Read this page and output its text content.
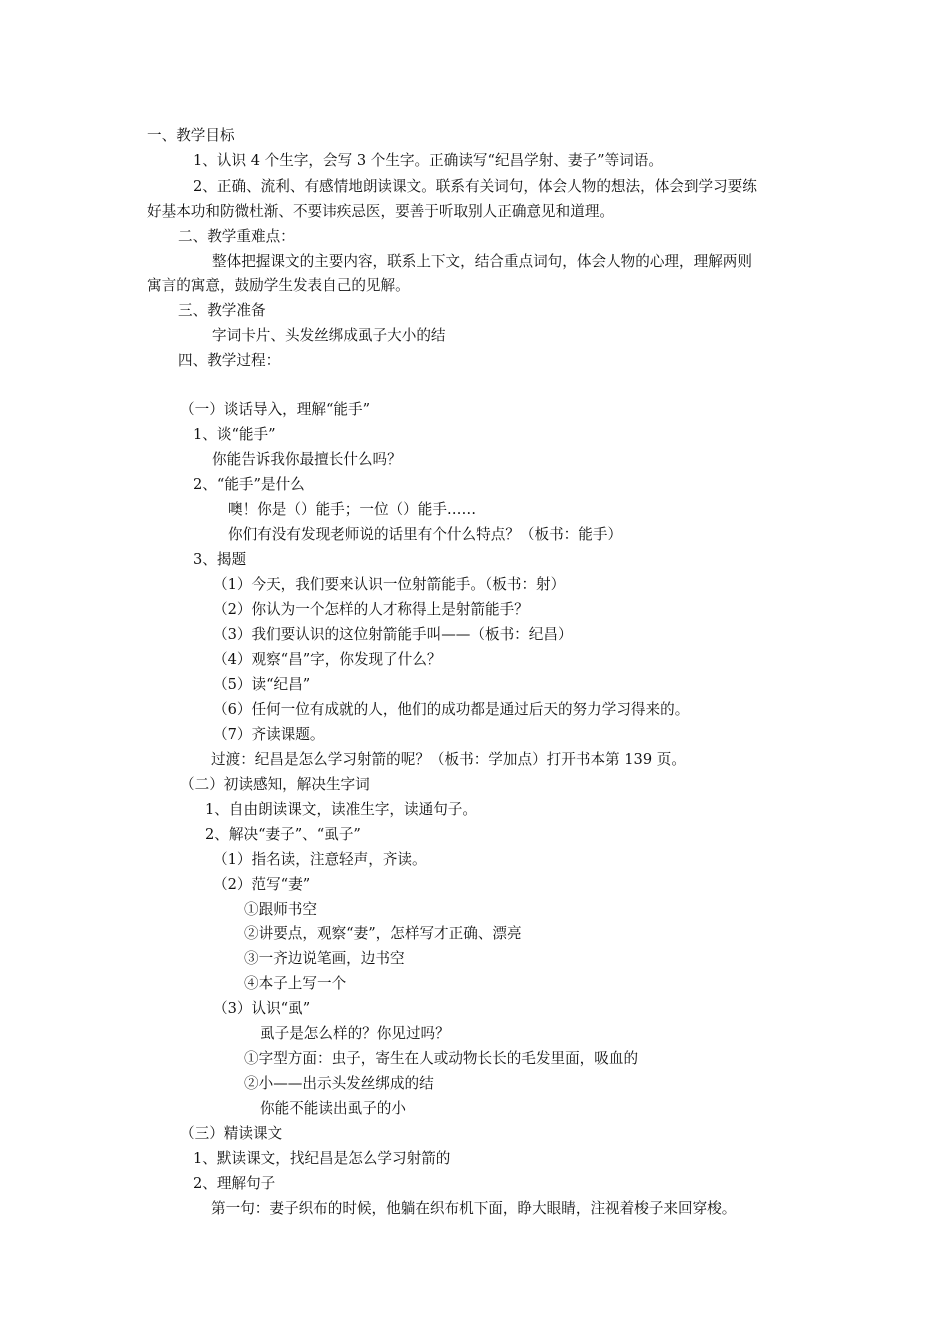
一、教学目标
1、认识 4 个生字，会写 3 个生字。正确读写“纪昌学射、妻子”等词语。
2、正确、流利、有感情地朗读课文。联系有关词句，体会人物的想法，体会到学习要练
好基本功和防微杜渐、不要讳疾忌医，要善于听取别人正确意见和道理。
二、教学重难点：
整体把握课文的主要内容，联系上下文，结合重点词句，体会人物的心理，理解两则
寓言的寓意，鼓励学生发表自己的见解。
三、教学准备
字词卡片、头发丝绑成虱子大小的结
四、教学过程：
（一）谈话导入，理解“能手”
1、谈“能手”
你能告诉我你最擅长什么吗？
2、“能手”是什么
噢！你是（）能手；一位（）能手……
你们有没有发现老师说的话里有个什么特点？（板书：能手）
3、揭题
（1）今天，我们要来认识一位射箭能手。（板书：射）
（2）你认为一个怎样的人才称得上是射箭能手？
（3）我们要认识的这位射箭能手叫——（板书：纪昌）
（4）观察“昌”字，你发现了什么？
（5）读“纪昌”
（6）任何一位有成就的人，他们的成功都是通过后天的努力学习得来的。
（7）齐读课题。
过渡：纪昌是怎么学习射箭的呢？（板书：学加点）打开书本第 139 页。
（二）初读感知，解决生字词
1、自由朗读课文，读准生字，读通句子。
2、解决“妻子”、“虱子”
（1）指名读，注意轻声，齐读。
（2）范写“妻”
①跟师书空
②讲要点，观察“妻”，怎样写才正确、漂亮
③一齐边说笔画，边书空
④本子上写一个
（3）认识“虱”
虱子是怎么样的？你见过吗？
①字型方面：虫子，寄生在人或动物长长的毛发里面，吸血的
②小——出示头发丝绑成的结
你能不能读出虱子的小
（三）精读课文
1、默读课文，找纪昌是怎么学习射箭的
2、理解句子
第一句：妻子织布的时候，他躺在织布机下面，睁大眼睛，注视着梭子来回穿梭。
